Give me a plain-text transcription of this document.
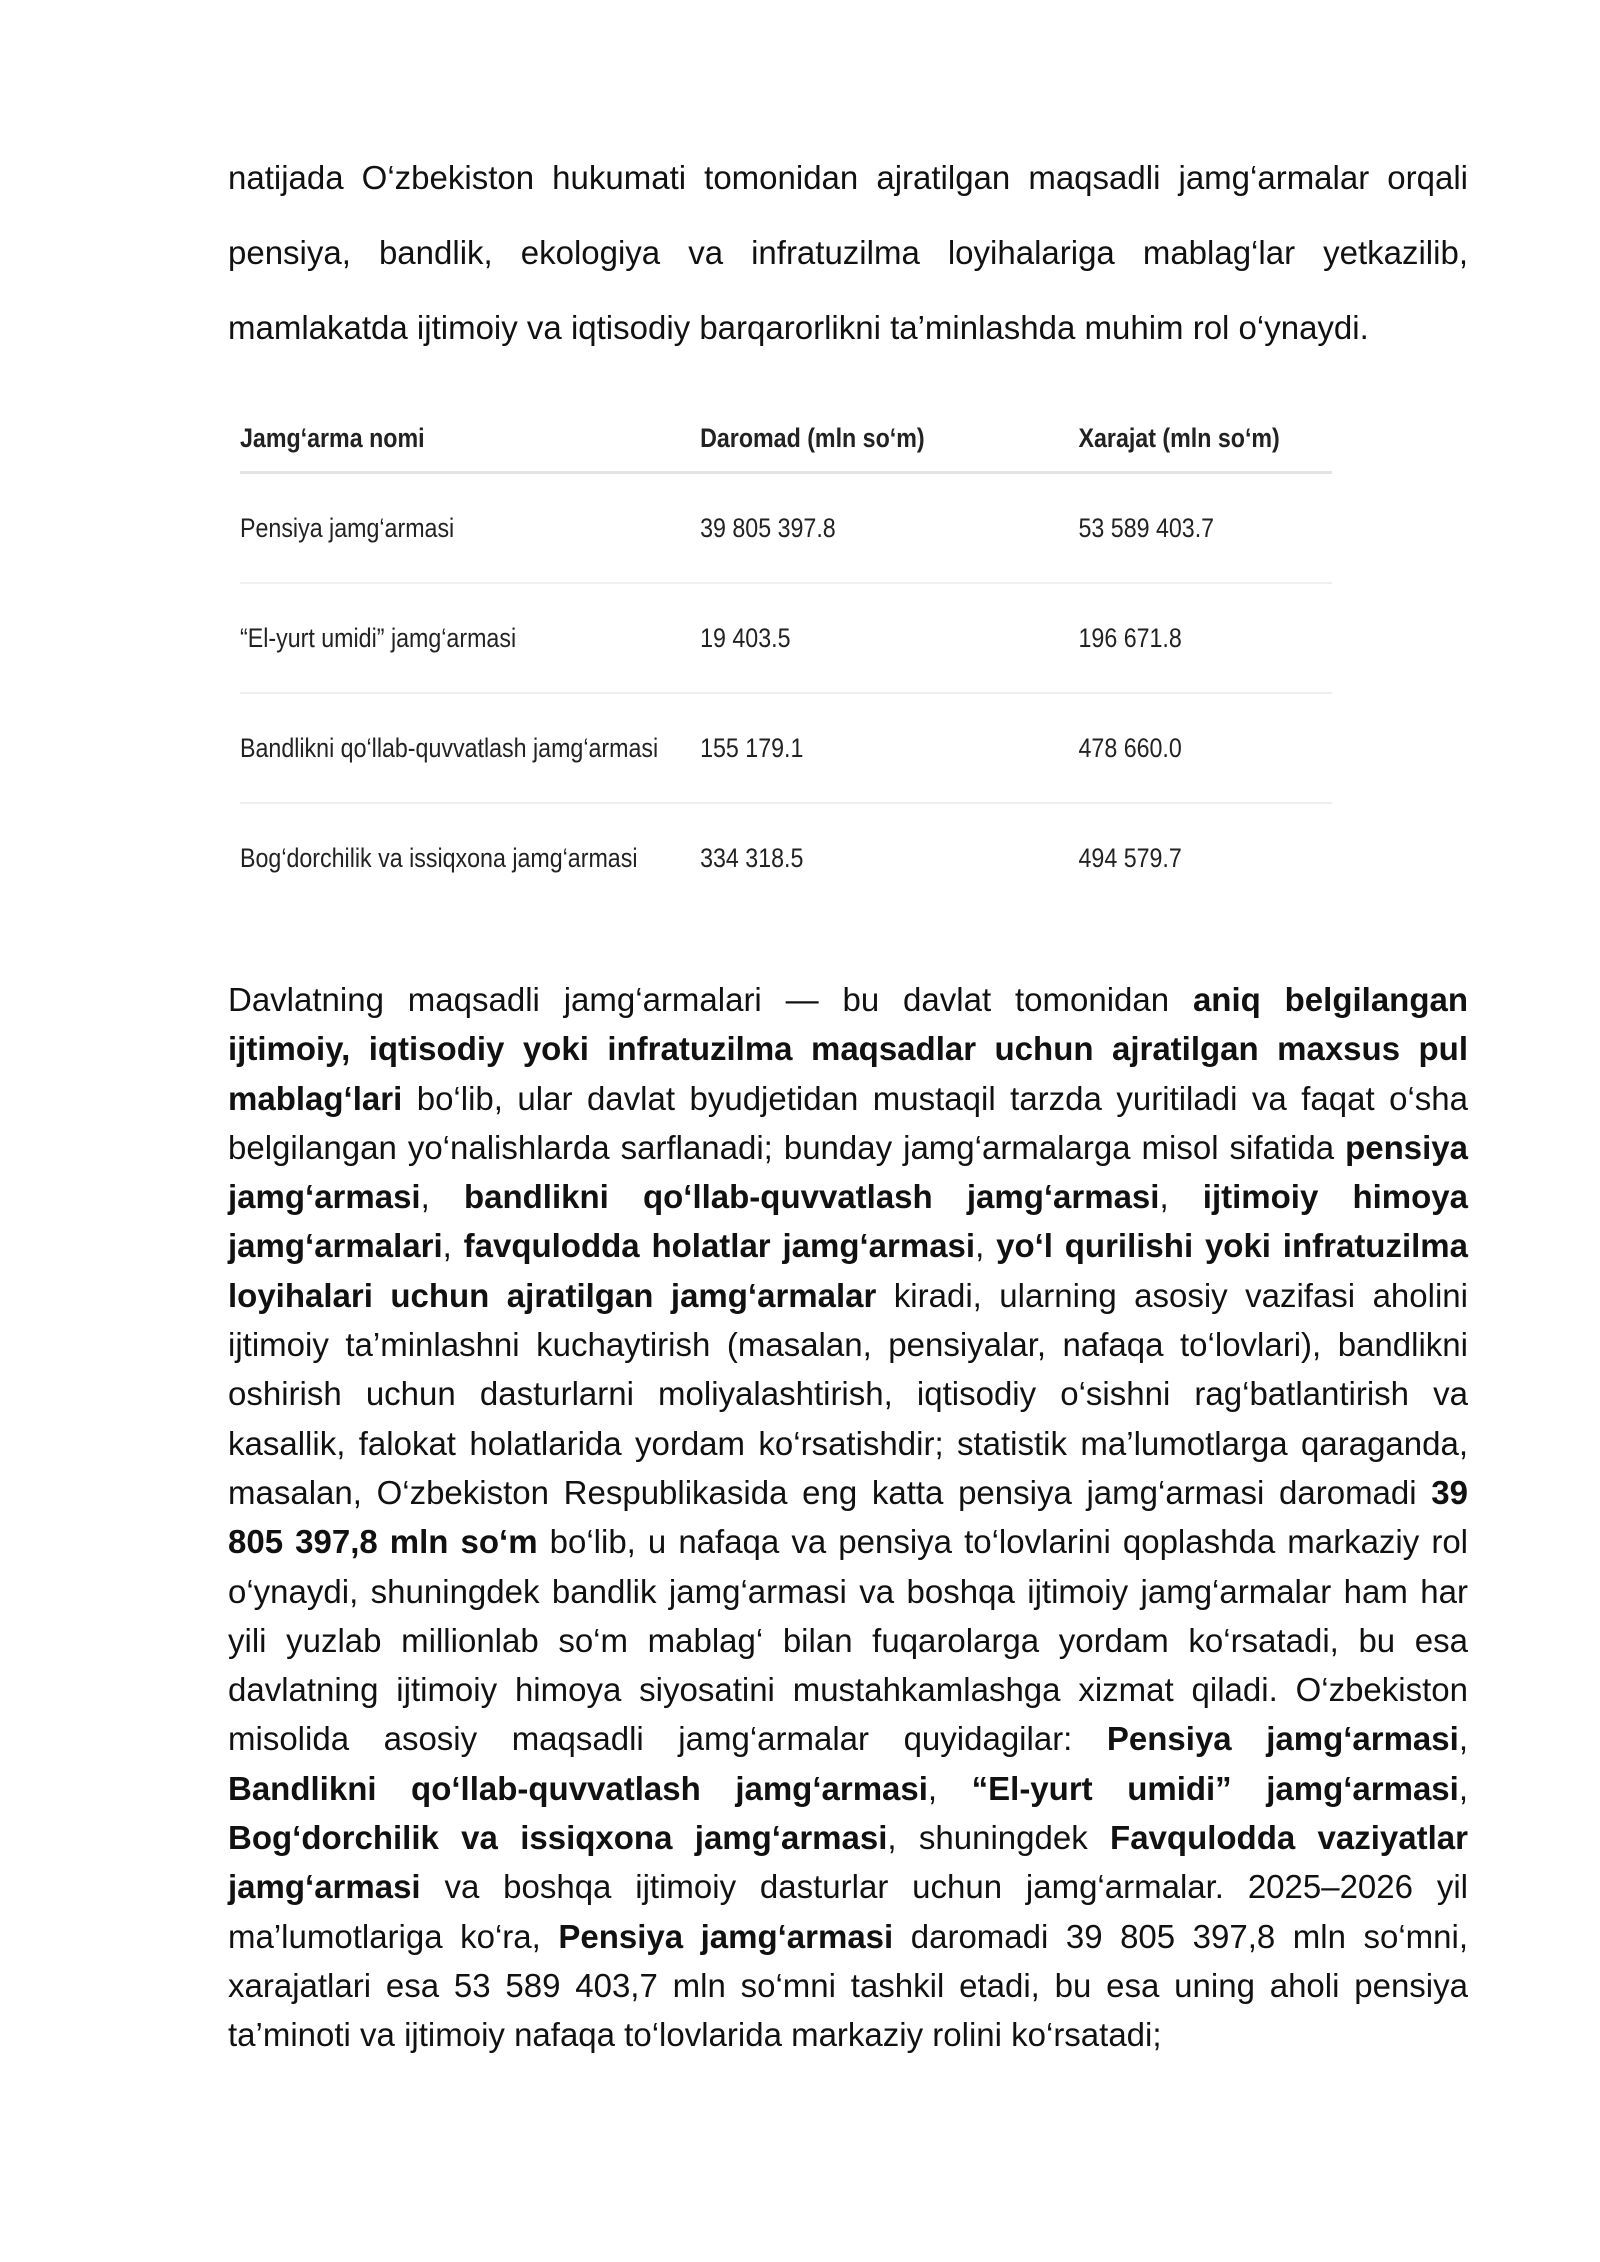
natijada O‘zbekiston hukumati tomonidan ajratilgan maqsadli jamg‘armalar orqali
pensiya, bandlik, ekologiya va infratuzilma loyihalariga mablag‘lar yetkazilib,
mamlakatda ijtimoiy va iqtisodiy barqarorlikni ta’minlashda muhim rol o‘ynaydi.
Jamg‘arma nomi	Daromad (mln so‘m)	Xarajat (mln so‘m)
Pensiya jamg‘armasi	39 805 397.8	53 589 403.7
“El-yurt umidi” jamg‘armasi	19 403.5	196 671.8
Bandlikni qo‘llab-quvvatlash jamg‘armasi	155 179.1	478 660.0
Bog‘dorchilik va issiqxona jamg‘armasi	334 318.5	494 579.7

Davlatning maqsadli jamg‘armalari — bu davlat tomonidan aniq belgilangan ijtimoiy, iqtisodiy yoki infratuzilma maqsadlar uchun ajratilgan maxsus pul mablag‘lari bo‘lib, ular davlat byudjetidan mustaqil tarzda yuritiladi va faqat o‘sha belgilangan yo‘nalishlarda sarflanadi; bunday jamg‘armalarga misol sifatida pensiya jamg‘armasi, bandlikni qo‘llab-quvvatlash jamg‘armasi, ijtimoiy himoya jamg‘armalari, favqulodda holatlar jamg‘armasi, yo‘l qurilishi yoki infratuzilma loyihalari uchun ajratilgan jamg‘armalar kiradi, ularning asosiy vazifasi aholini ijtimoiy ta’minlashni kuchaytirish (masalan, pensiyalar, nafaqa to‘lovlari), bandlikni oshirish uchun dasturlarni moliyalashtirish, iqtisodiy o‘sishni rag‘batlantirish va kasallik, falokat holatlarida yordam ko‘rsatishdir; statistik ma’lumotlarga qaraganda, masalan, O‘zbekiston Respublikasida eng katta pensiya jamg‘armasi daromadi 39 805 397,8 mln so‘m bo‘lib, u nafaqa va pensiya to‘lovlarini qoplashda markaziy rol o‘ynaydi, shuningdek bandlik jamg‘armasi va boshqa ijtimoiy jamg‘armalar ham har yili yuzlab millionlab so‘m mablag‘ bilan fuqarolarga yordam ko‘rsatadi, bu esa davlatning ijtimoiy himoya siyosatini mustahkamlashga xizmat qiladi. O‘zbekiston misolida asosiy maqsadli jamg‘armalar quyidagilar: Pensiya jamg‘armasi, Bandlikni qo‘llab-quvvatlash jamg‘armasi, “El-yurt umidi” jamg‘armasi, Bog‘dorchilik va issiqxona jamg‘armasi, shuningdek Favqulodda vaziyatlar jamg‘armasi va boshqa ijtimoiy dasturlar uchun jamg‘armalar. 2025–2026 yil ma’lumotlariga ko‘ra, Pensiya jamg‘armasi daromadi 39 805 397,8 mln so‘mni, xarajatlari esa 53 589 403,7 mln so‘mni tashkil etadi, bu esa uning aholi pensiya ta’minoti va ijtimoiy nafaqa to‘lovlarida markaziy rolini ko‘rsatadi;
